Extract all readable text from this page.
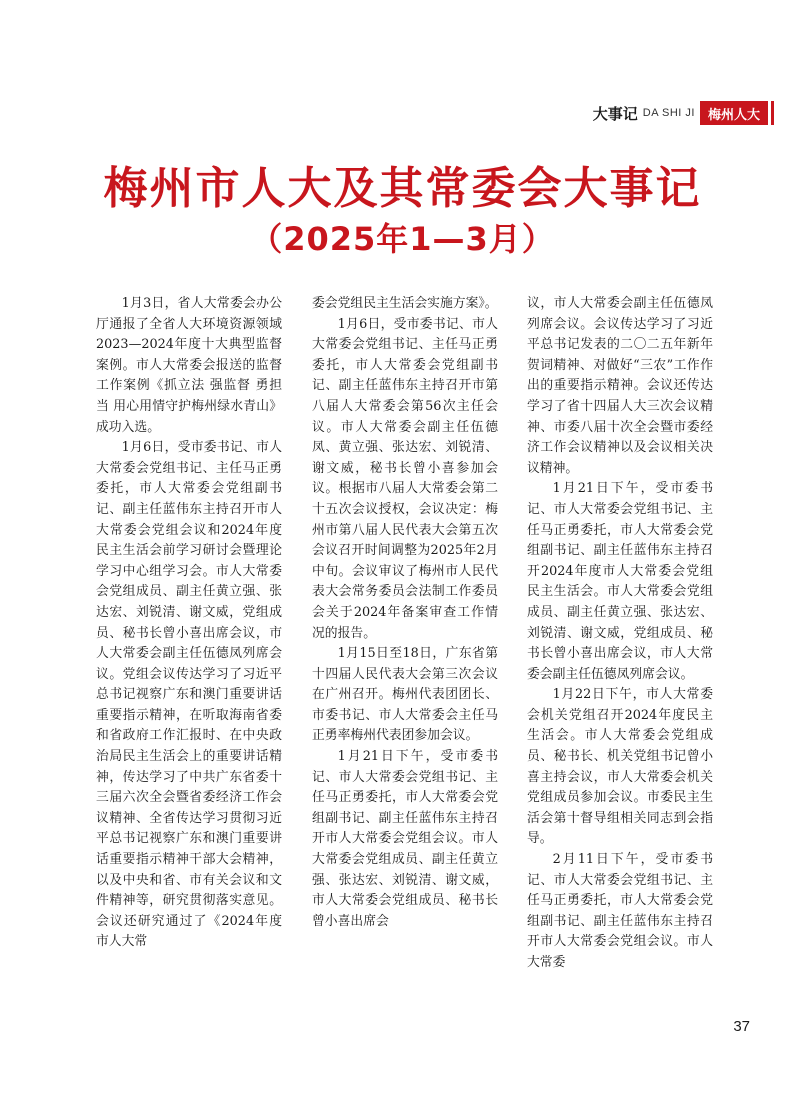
大事记 DA SHI JI	梅州人大
梅州市人大及其常委会大事记
（2025年1—3月）

1月3日，省人大常委会办公厅通报了全省人大环境资源领域2023—2024年度十大典型监督案例。市人大常委会报送的监督工作案例《抓立法 强监督 勇担当 用心用情守护梅州绿水青山》成功入选。

1月6日，受市委书记、市人大常委会党组书记、主任马正勇委托，市人大常委会党组副书记、副主任蓝伟东主持召开市人大常委会党组会议和2024年度民主生活会前学习研讨会暨理论学习中心组学习会。市人大常委会党组成员、副主任黄立强、张达宏、刘锐清、谢文威，党组成员、秘书长曾小喜出席会议，市人大常委会副主任伍德凤列席会议。党组会议传达学习了习近平总书记视察广东和澳门重要讲话重要指示精神，在听取海南省委和省政府工作汇报时、在中央政治局民主生活会上的重要讲话精神，传达学习了中共广东省委十三届六次全会暨省委经济工作会议精神、全省传达学习贯彻习近平总书记视察广东和澳门重要讲话重要指示精神干部大会精神，以及中央和省、市有关会议和文件精神等，研究贯彻落实意见。会议还研究通过了《2024年度市人大常

委会党组民主生活会实施方案》。

1月6日，受市委书记、市人大常委会党组书记、主任马正勇委托，市人大常委会党组副书记、副主任蓝伟东主持召开市第八届人大常委会第56次主任会议。市人大常委会副主任伍德凤、黄立强、张达宏、刘锐清、谢文威，秘书长曾小喜参加会议。根据市八届人大常委会第二十五次会议授权，会议决定：梅州市第八届人民代表大会第五次会议召开时间调整为2025年2月中旬。会议审议了梅州市人民代表大会常务委员会法制工作委员会关于2024年备案审查工作情况的报告。

1月15日至18日，广东省第十四届人民代表大会第三次会议在广州召开。梅州代表团团长、市委书记、市人大常委会主任马正勇率梅州代表团参加会议。

1月21日下午，受市委书记、市人大常委会党组书记、主任马正勇委托，市人大常委会党组副书记、副主任蓝伟东主持召开市人大常委会党组会议。市人大常委会党组成员、副主任黄立强、张达宏、刘锐清、谢文威，市人大常委会党组成员、秘书长曾小喜出席会

议，市人大常委会副主任伍德凤列席会议。会议传达学习了习近平总书记发表的二〇二五年新年贺词精神、对做好“三农”工作作出的重要指示精神。会议还传达学习了省十四届人大三次会议精神、市委八届十次全会暨市委经济工作会议精神以及会议相关决议精神。

1月21日下午，受市委书记、市人大常委会党组书记、主任马正勇委托，市人大常委会党组副书记、副主任蓝伟东主持召开2024年度市人大常委会党组民主生活会。市人大常委会党组成员、副主任黄立强、张达宏、刘锐清、谢文威，党组成员、秘书长曾小喜出席会议，市人大常委会副主任伍德凤列席会议。

1月22日下午，市人大常委会机关党组召开2024年度民主生活会。市人大常委会党组成员、秘书长、机关党组书记曾小喜主持会议，市人大常委会机关党组成员参加会议。市委民主生活会第十督导组相关同志到会指导。

2月11日下午，受市委书记、市人大常委会党组书记、主任马正勇委托，市人大常委会党组副书记、副主任蓝伟东主持召开市人大常委会党组会议。市人大常委

37
